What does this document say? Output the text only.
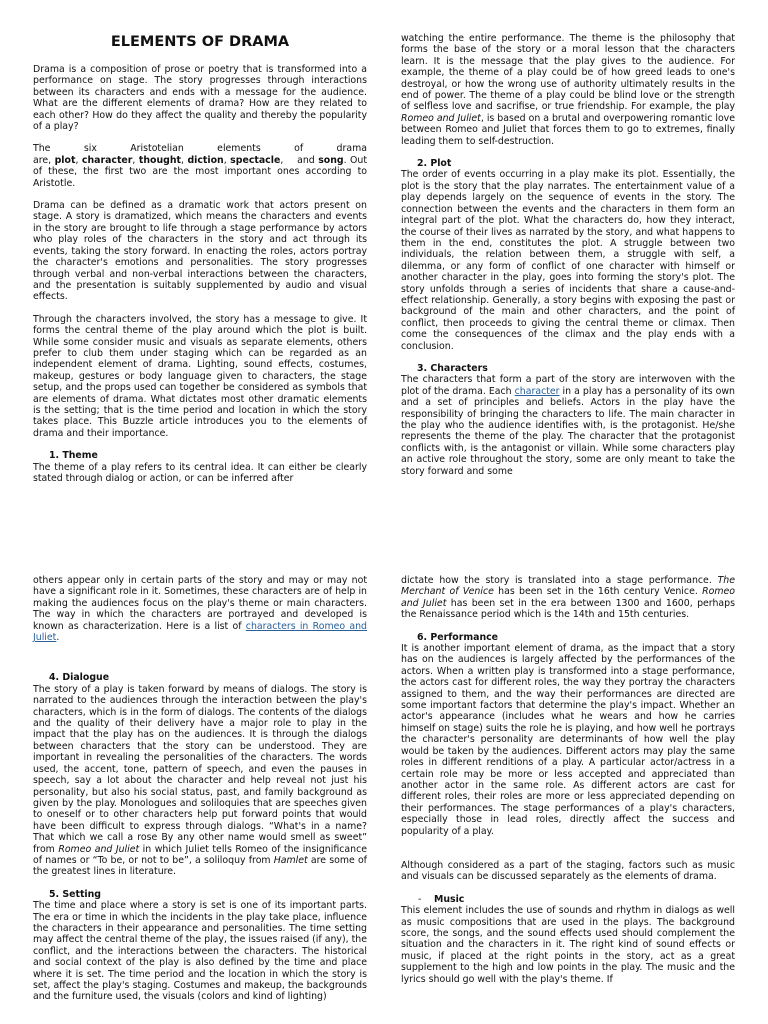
ELEMENTS OF DRAMA

Drama is a composition of prose or poetry that is transformed into a performance on stage. The story progresses through interactions between its characters and ends with a message for the audience. What are the different elements of drama? How are they related to each other? How do they affect the quality and thereby the popularity of a play?

The	six	Aristotelian	elements	of	drama
are, plot, character, thought, diction, spectacle,    and song. Out of these, the first two are the most important ones according to Aristotle.

Drama can be defined as a dramatic work that actors present on stage. A story is dramatized, which means the characters and events in the story are brought to life through a stage performance by actors who play roles of the characters in the story and act through its events, taking the story forward. In enacting the roles, actors portray the character's emotions and personalities. The story progresses through verbal and non-verbal interactions between the characters, and the presentation is suitably supplemented by audio and visual effects.

Through the characters involved, the story has a message to give. It forms the central theme of the play around which the plot is built. While some consider music and visuals as separate elements, others prefer to club them under staging which can be regarded as an independent element of drama. Lighting, sound effects, costumes, makeup, gestures or body language given to characters, the stage setup, and the props used can together be considered as symbols that are elements of drama. What dictates most other dramatic elements is the setting; that is the time period and location in which the story takes place. This Buzzle article introduces you to the elements of drama and their importance.

1. Theme
The theme of a play refers to its central idea. It can either be clearly stated through dialog or action, or can be inferred after

watching the entire performance. The theme is the philosophy that forms the base of the story or a moral lesson that the characters learn. It is the message that the play gives to the audience. For example, the theme of a play could be of how greed leads to one's destroyal, or how the wrong use of authority ultimately results in the end of power. The theme of a play could be blind love or the strength of selfless love and sacrifise, or true friendship. For example, the play Romeo and Juliet, is based on a brutal and overpowering romantic love between Romeo and Juliet that forces them to go to extremes, finally leading them to self-destruction.

2. Plot

The order of events occurring in a play make its plot. Essentially, the plot is the story that the play narrates. The entertainment value of a play depends largely on the sequence of events in the story. The connection between the events and the characters in them form an integral part of the plot. What the characters do, how they interact, the course of their lives as narrated by the story, and what happens to them in the end, constitutes the plot. A struggle between two individuals, the relation between them, a struggle with self, a dilemma, or any form of conflict of one character with himself or another character in the play, goes into forming the story's plot. The story unfolds through a series of incidents that share a cause-and-effect relationship. Generally, a story begins with exposing the past or background of the main and other characters, and the point of conflict, then proceeds to giving the central theme or climax. Then come the consequences of the climax and the play ends with a conclusion.

3. Characters
The characters that form a part of the story are interwoven with the plot of the drama. Each character in a play has a personality of its own and a set of principles and beliefs. Actors in the play have the responsibility of bringing the characters to life. The main character in the play who the audience identifies with, is the protagonist. He/she represents the theme of the play. The character that the protagonist conflicts with, is the antagonist or villain. While some characters play an active role throughout the story, some are only meant to take the story forward and some

others appear only in certain parts of the story and may or may not have a significant role in it. Sometimes, these characters are of help in making the audiences focus on the play's theme or main characters. The way in which the characters are portrayed and developed is known as characterization. Here is a list of characters in Romeo and Juliet.

4. Dialogue

The story of a play is taken forward by means of dialogs. The story is narrated to the audiences through the interaction between the play's characters, which is in the form of dialogs. The contents of the dialogs and the quality of their delivery have a major role to play in the impact that the play has on the audiences. It is through the dialogs between characters that the story can be understood. They are important in revealing the personalities of the characters. The words used, the accent, tone, pattern of speech, and even the pauses in speech, say a lot about the character and help reveal not just his personality, but also his social status, past, and family background as given by the play. Monologues and soliloquies that are speeches given to oneself or to other characters help put forward points that would have been difficult to express through dialogs. “What's in a name? That which we call a rose By any other name would smell as sweet” from Romeo and Juliet in which Juliet tells Romeo of the insignificance of names or “To be, or not to be”, a soliloquy from Hamlet are some of the greatest lines in literature.

5. Setting
The time and place where a story is set is one of its important parts. The era or time in which the incidents in the play take place, influence the characters in their appearance and personalities. The time setting may affect the central theme of the play, the issues raised (if any), the conflict, and the interactions between the characters. The historical and social context of the play is also defined by the time and place where it is set. The time period and the location in which the story is set, affect the play's staging. Costumes and makeup, the backgrounds and the furniture used, the visuals (colors and kind of lighting)

dictate how the story is translated into a stage performance. The Merchant of Venice has been set in the 16th century Venice. Romeo and Juliet has been set in the era between 1300 and 1600, perhaps the Renaissance period which is the 14th and 15th centuries.

6. Performance

It is another important element of drama, as the impact that a story has on the audiences is largely affected by the performances of the actors. When a written play is transformed into a stage performance, the actors cast for different roles, the way they portray the characters assigned to them, and the way their performances are directed are some important factors that determine the play's impact. Whether an actor's appearance (includes what he wears and how he carries himself on stage) suits the role he is playing, and how well he portrays the character's personality are determinants of how well the play would be taken by the audiences. Different actors may play the same roles in different renditions of a play. A particular actor/actress in a certain role may be more or less accepted and appreciated than another actor in the same role. As different actors are cast for different roles, their roles are more or less appreciated depending on their performances. The stage performances of a play's characters, especially those in lead roles, directly affect the success and popularity of a play.

Although considered as a part of the staging, factors such as music and visuals can be discussed separately as the elements of drama.

- Music
This element includes the use of sounds and rhythm in dialogs as well as music compositions that are used in the plays. The background score, the songs, and the sound effects used should complement the situation and the characters in it. The right kind of sound effects or music, if placed at the right points in the story, act as a great supplement to the high and low points in the play. The music and the lyrics should go well with the play's theme. If
